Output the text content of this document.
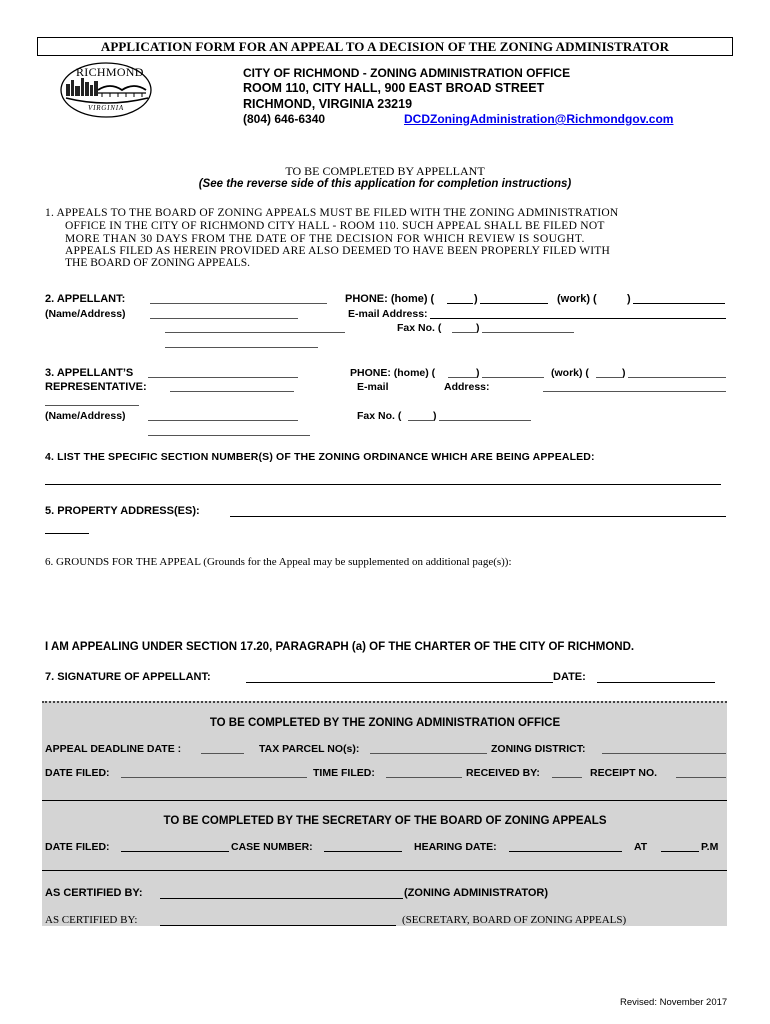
APPLICATION FORM FOR AN APPEAL TO A DECISION OF THE ZONING ADMINISTRATOR
RICHMOND
VIRGINIA
CITY OF RICHMOND - ZONING ADMINISTRATION OFFICE
ROOM 110, CITY HALL, 900 EAST BROAD STREET
RICHMOND, VIRGINIA 23219
(804) 646-6340	DCDZoningAdministration@Richmondgov.com
TO BE COMPLETED BY APPELLANT
(See the reverse side of this application for completion instructions)
1. APPEALS TO THE BOARD OF ZONING APPEALS MUST BE FILED WITH THE ZONING ADMINISTRATION
OFFICE IN THE CITY OF RICHMOND CITY HALL - ROOM 110. SUCH APPEAL SHALL BE FILED NOT
MORE THAN 30 DAYS FROM THE DATE OF THE DECISION FOR WHICH REVIEW IS SOUGHT.
APPEALS FILED AS HEREIN PROVIDED ARE ALSO DEEMED TO HAVE BEEN PROPERLY FILED WITH
THE BOARD OF ZONING APPEALS.
2. APPELLANT:
(Name/Address)
PHONE: (home) (	)	(work) (	)
E-mail Address:
Fax No. (	)
3. APPELLANT’S
REPRESENTATIVE:
(Name/Address)
PHONE: (home) (	)	(work) (	)
E-mail	Address:
Fax No. (	)
4. LIST THE SPECIFIC SECTION NUMBER(S) OF THE ZONING ORDINANCE WHICH ARE BEING APPEALED:
5. PROPERTY ADDRESS(ES):
6. GROUNDS FOR THE APPEAL (Grounds for the Appeal may be supplemented on additional page(s)):
I AM APPEALING UNDER SECTION 17.20, PARAGRAPH (a) OF THE CHARTER OF THE CITY OF RICHMOND.
7. SIGNATURE OF APPELLANT:	DATE:
TO BE COMPLETED BY THE ZONING ADMINISTRATION OFFICE
APPEAL DEADLINE DATE :	TAX PARCEL NO(s):	ZONING DISTRICT:
DATE FILED:	TIME FILED:	RECEIVED BY:	RECEIPT NO.
TO BE COMPLETED BY THE SECRETARY OF THE BOARD OF ZONING APPEALS
DATE FILED:	CASE NUMBER:	HEARING DATE:	AT	P.M
AS CERTIFIED BY:	(ZONING ADMINISTRATOR)
AS CERTIFIED BY:	(SECRETARY, BOARD OF ZONING APPEALS)
Revised: November 2017
